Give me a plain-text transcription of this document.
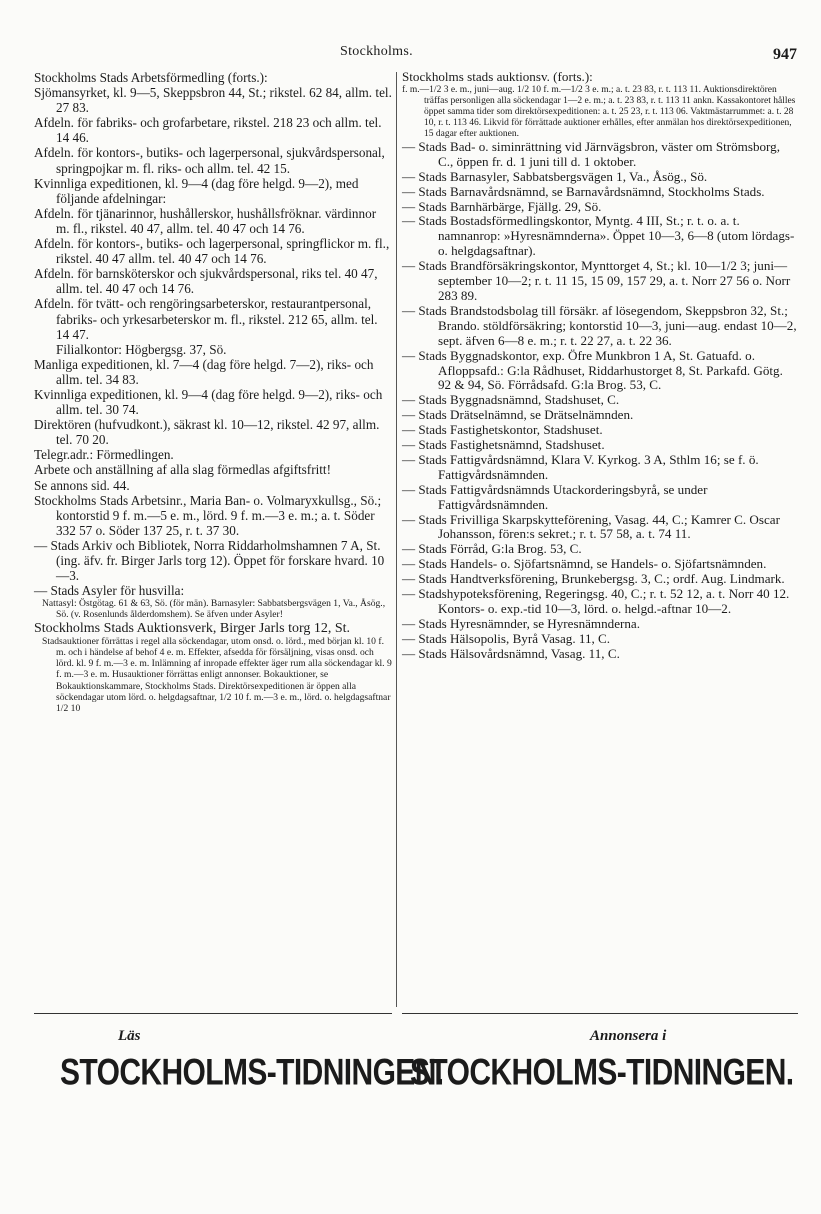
Stockholms.	947

Stockholms Stads Arbetsförmedling (forts.):

Sjömansyrket, kl. 9—5, Skeppsbron 44, St.; rikstel. 62 84, allm. tel. 27 83.

Afdeln. för fabriks- och grofarbetare, rikstel. 218 23 och allm. tel. 14 46.

Afdeln. för kontors-, butiks- och lagerpersonal, sjukvårdspersonal, springpojkar m. fl. riks- och allm. tel. 42 15.

Kvinnliga expeditionen, kl. 9—4 (dag före helgd. 9—2), med följande afdelningar:

Afdeln. för tjänarinnor, hushållerskor, hushållsfröknar. värdinnor m. fl., rikstel. 40 47, allm. tel. 40 47 och 14 76.

Afdeln. för kontors-, butiks- och lagerpersonal, springflickor m. fl., rikstel. 40 47 allm. tel. 40 47 och 14 76.

Afdeln. för barnsköterskor och sjukvårdspersonal, riks tel. 40 47, allm. tel. 40 47 och 14 76.

Afdeln. för tvätt- och rengöringsarbeterskor, restaurantpersonal, fabriks- och yrkesarbeterskor m. fl., rikstel. 212 65, allm. tel. 14 47.

Filialkontor: Högbergsg. 37, Sö.

Manliga expeditionen, kl. 7—4 (dag före helgd. 7—2), riks- och allm. tel. 34 83.

Kvinnliga expeditionen, kl. 9—4 (dag före helgd. 9—2), riks- och allm. tel. 30 74.

Direktören (hufvudkont.), säkrast kl. 10—12, rikstel. 42 97, allm. tel. 70 20.

Telegr.adr.: Förmedlingen.

Arbete och anställning af alla slag förmedlas afgiftsfritt!

Se annons sid. 44.

Stockholms Stads Arbetsinr., Maria Ban- o. Volmaryxkullsg., Sö.; kontorstid 9 f. m.—5 e. m., lörd. 9 f. m.—3 e. m.; a. t. Söder 332 57 o. Söder 137 25, r. t. 37 30.

— Stads Arkiv och Bibliotek, Norra Riddarholmshamnen 7 A, St. (ing. äfv. fr. Birger Jarls torg 12). Öppet för forskare hvard. 10—3.

— Stads Asyler för husvilla:

Nattasyl: Östgötag. 61 & 63, Sö. (för män). Barnasyler: Sabbatsbergsvägen 1, Va., Åsög., Sö. (v. Rosenlunds ålderdomshem). Se äfven under Asyler!

Stockholms Stads Auktionsverk, Birger Jarls torg 12, St.

Stadsauktioner förrättas i regel alla söckendagar, utom onsd. o. lörd., med början kl. 10 f. m. och i händelse af behof 4 e. m. Effekter, afsedda för försäljning, visas onsd. och lörd. kl. 9 f. m.—3 e. m. Inlämning af inropade effekter äger rum alla söckendagar kl. 9 f. m.—3 e. m. Husauktioner förrättas enligt annonser. Bokauktioner, se Bokauktionskammare, Stockholms Stads. Direktörsexpeditionen är öppen alla söckendagar utom lörd. o. helgdagsaftnar, 1/2 10 f. m.—3 e. m., lörd. o. helgdagsaftnar 1/2 10

Stockholms stads auktionsv. (forts.):

f. m.—1/2 3 e. m., juni—aug. 1/2 10 f. m.—1/2 3 e. m.; a. t. 23 83, r. t. 113 11. Auktionsdirektören träffas personligen alla söckendagar 1—2 e. m.; a. t. 23 83, r. t. 113 11 ankn. Kassakontoret hålles öppet samma tider som direktörsexpeditionen: a. t. 25 23, r. t. 113 06. Vaktmästarrummet: a. t. 28 10, r. t. 113 46. Likvid för förrättade auktioner erhålles, efter anmälan hos direktörsexpeditionen, 15 dagar efter auktionen.

— Stads Bad- o. siminrättning vid Järnvägsbron, väster om Strömsborg, C., öppen fr. d. 1 juni till d. 1 oktober.

— Stads Barnasyler, Sabbatsbergsvägen 1, Va., Åsög., Sö.

— Stads Barnavårdsnämnd, se Barnavårdsnämnd, Stockholms Stads.

— Stads Barnhärbärge, Fjällg. 29, Sö.

— Stads Bostadsförmedlingskontor, Myntg. 4 III, St.; r. t. o. a. t. namnanrop: »Hyresnämnderna». Öppet 10—3, 6—8 (utom lördags- o. helgdagsaftnar).

— Stads Brandförsäkringskontor, Mynttorget 4, St.; kl. 10—1/2 3; juni—september 10—2; r. t. 11 15, 15 09, 157 29, a. t. Norr 27 56 o. Norr 283 89.

— Stads Brandstodsbolag till försäkr. af lösegendom, Skeppsbron 32, St.; Brando. stöldförsäkring; kontorstid 10—3, juni—aug. endast 10—2, sept. äfven 6—8 e. m.; r. t. 22 27, a. t. 22 36.

— Stads Byggnadskontor, exp. Öfre Munkbron 1 A, St. Gatuafd. o. Afloppsafd.: G:la Rådhuset, Riddarhustorget 8, St. Parkafd. Götg. 92 & 94, Sö. Förrådsafd. G:la Brog. 53, C.

— Stads Byggnadsnämnd, Stadshuset, C.

— Stads Drätselnämnd, se Drätselnämnden.

— Stads Fastighetskontor, Stadshuset.

— Stads Fastighetsnämnd, Stadshuset.

— Stads Fattigvårdsnämnd, Klara V. Kyrkog. 3 A, Sthlm 16; se f. ö. Fattigvårdsnämnden.

— Stads Fattigvårdsnämnds Utackorderingsbyrå, se under Fattigvårdsnämnden.

— Stads Frivilliga Skarpskytteförening, Vasag. 44, C.; Kamrer C. Oscar Johansson, fören:s sekret.; r. t. 57 58, a. t. 74 11.

— Stads Förråd, G:la Brog. 53, C.

— Stads Handels- o. Sjöfartsnämnd, se Handels- o. Sjöfartsnämnden.

— Stads Handtverksförening, Brunkebergsg. 3, C.; ordf. Aug. Lindmark.

— Stadshypoteksförening, Regeringsg. 40, C.; r. t. 52 12, a. t. Norr 40 12. Kontors- o. exp.-tid 10—3, lörd. o. helgd.-aftnar 10—2.

— Stads Hyresnämnder, se Hyresnämnderna.

— Stads Hälsopolis, Byrå Vasag. 11, C.

— Stads Hälsovårdsnämnd, Vasag. 11, C.

Läs	Annonsera i
STOCKHOLMS-TIDNINGEN.
STOCKHOLMS-TIDNINGEN.
